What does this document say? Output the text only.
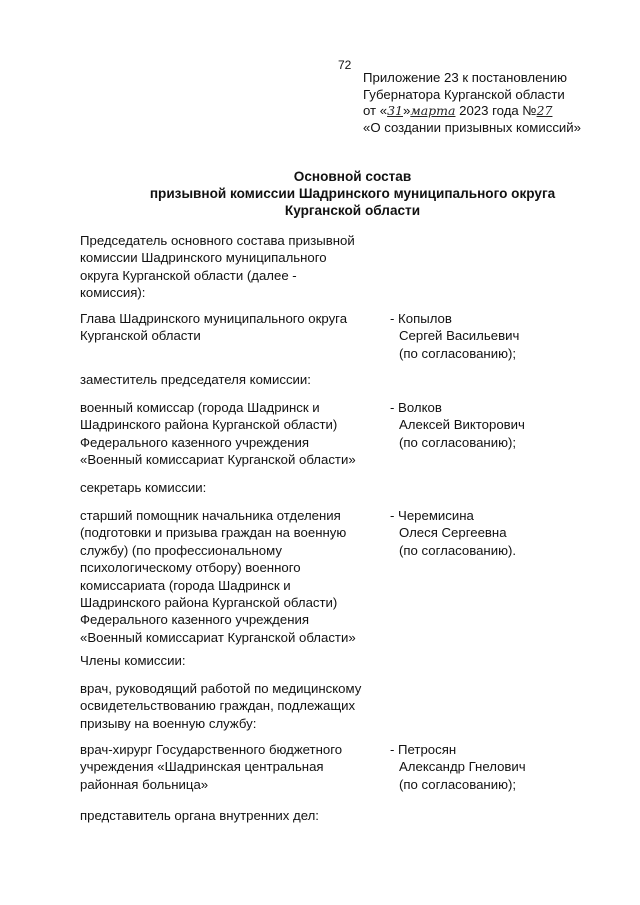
72
Приложение 23 к постановлению
Губернатора Курганской области
от «31»марта 2023 года №27
«О создании призывных комиссий»
Основной состав
призывной комиссии Шадринского муниципального округа
Курганской области
Председатель основного состава призывной
комиссии Шадринского муниципального
округа Курганской области (далее -
комиссия):
Глава Шадринского муниципального округа
Курганской области
- Копылов
Сергей Васильевич
(по согласованию);
заместитель председателя комиссии:
военный комиссар (города Шадринск и
Шадринского района Курганской области)
Федерального казенного учреждения
«Военный комиссариат Курганской области»
- Волков
Алексей Викторович
(по согласованию);
секретарь комиссии:
старший помощник начальника отделения
(подготовки и призыва граждан на военную
службу) (по профессиональному
психологическому отбору) военного
комиссариата (города Шадринск и
Шадринского района Курганской области)
Федерального казенного учреждения
«Военный комиссариат Курганской области»
- Черемисина
Олеся Сергеевна
(по согласованию).
Члены комиссии:
врач, руководящий работой по медицинскому
освидетельствованию граждан, подлежащих
призыву на военную службу:
врач-хирург Государственного бюджетного
учреждения «Шадринская центральная
районная больница»
- Петросян
Александр Гнелович
(по согласованию);
представитель органа внутренних дел:
